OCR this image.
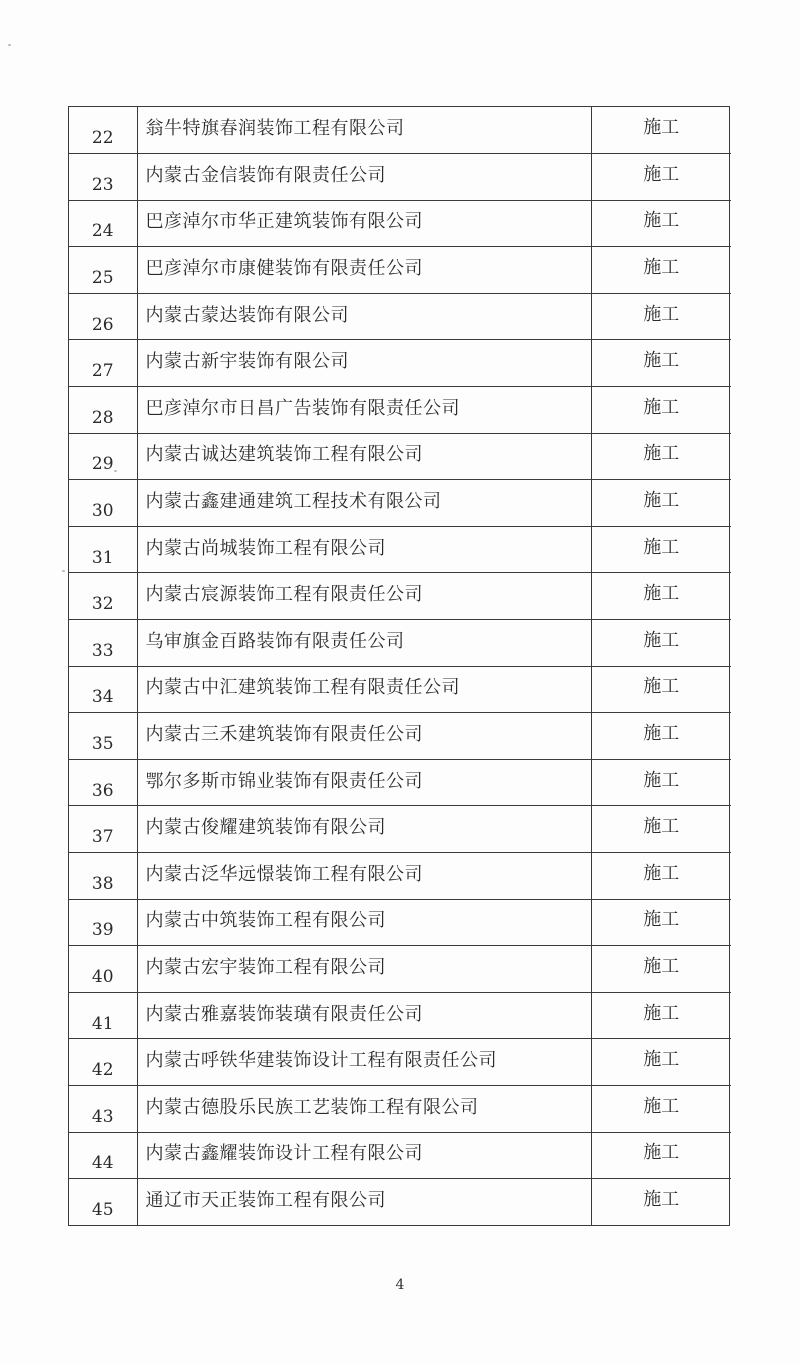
22	翁牛特旗春润装饰工程有限公司	施工
23	内蒙古金信装饰有限责任公司	施工
24	巴彦淖尔市华正建筑装饰有限公司	施工
25	巴彦淖尔市康健装饰有限责任公司	施工
26	内蒙古蒙达装饰有限公司	施工
27	内蒙古新宇装饰有限公司	施工
28	巴彦淖尔市日昌广告装饰有限责任公司	施工
29	内蒙古诚达建筑装饰工程有限公司	施工
30	内蒙古鑫建通建筑工程技术有限公司	施工
31	内蒙古尚城装饰工程有限公司	施工
32	内蒙古宸源装饰工程有限责任公司	施工
33	乌审旗金百路装饰有限责任公司	施工
34	内蒙古中汇建筑装饰工程有限责任公司	施工
35	内蒙古三禾建筑装饰有限责任公司	施工
36	鄂尔多斯市锦业装饰有限责任公司	施工
37	内蒙古俊耀建筑装饰有限公司	施工
38	内蒙古泛华远憬装饰工程有限公司	施工
39	内蒙古中筑装饰工程有限公司	施工
40	内蒙古宏宇装饰工程有限公司	施工
41	内蒙古雅嘉装饰装璜有限责任公司	施工
42	内蒙古呼铁华建装饰设计工程有限责任公司	施工
43	内蒙古德股乐民族工艺装饰工程有限公司	施工
44	内蒙古鑫耀装饰设计工程有限公司	施工
45	通辽市天正装饰工程有限公司	施工
4
